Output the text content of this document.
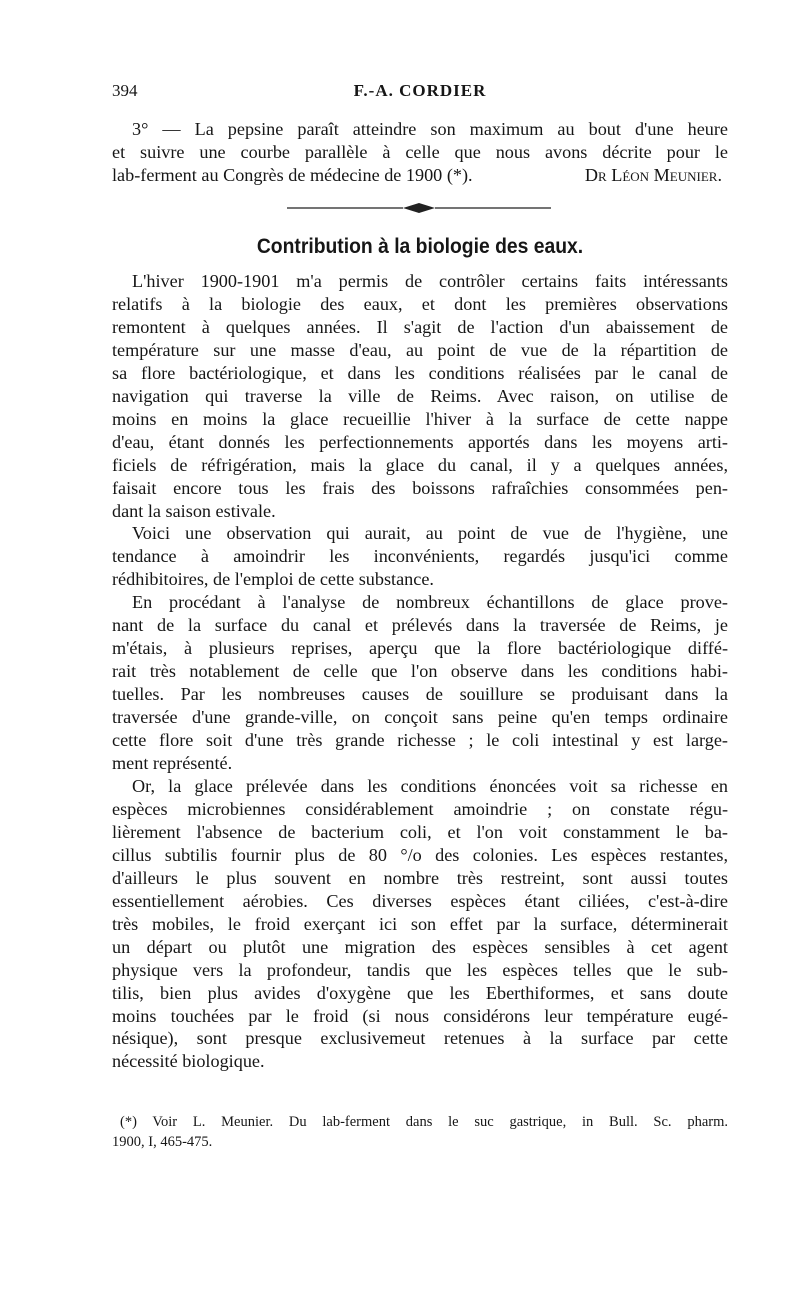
394	F.-A. CORDIER
3° — La pepsine paraît atteindre son maximum au bout d'une heure
et suivre une courbe parallèle à celle que nous avons décrite pour le
lab-ferment au Congrès de médecine de 1900 (*).	Dr Léon Meunier.
Contribution à la biologie des eaux.
L'hiver 1900-1901 m'a permis de contrôler certains faits intéressants
relatifs à la biologie des eaux, et dont les premières observations
remontent à quelques années. Il s'agit de l'action d'un abaissement de
température sur une masse d'eau, au point de vue de la répartition de
sa flore bactériologique, et dans les conditions réalisées par le canal de
navigation qui traverse la ville de Reims. Avec raison, on utilise de
moins en moins la glace recueillie l'hiver à la surface de cette nappe
d'eau, étant donnés les perfectionnements apportés dans les moyens arti-
ficiels de réfrigération, mais la glace du canal, il y a quelques années,
faisait encore tous les frais des boissons rafraîchies consommées pen-
dant la saison estivale.
Voici une observation qui aurait, au point de vue de l'hygiène, une
tendance à amoindrir les inconvénients, regardés jusqu'ici comme
rédhibitoires, de l'emploi de cette substance.
En procédant à l'analyse de nombreux échantillons de glace prove-
nant de la surface du canal et prélevés dans la traversée de Reims, je
m'étais, à plusieurs reprises, aperçu que la flore bactériologique diffé-
rait très notablement de celle que l'on observe dans les conditions habi-
tuelles. Par les nombreuses causes de souillure se produisant dans la
traversée d'une grande-ville, on conçoit sans peine qu'en temps ordinaire
cette flore soit d'une très grande richesse ; le coli intestinal y est large-
ment représenté.
Or, la glace prélevée dans les conditions énoncées voit sa richesse en
espèces microbiennes considérablement amoindrie ; on constate régu-
lièrement l'absence de bacterium coli, et l'on voit constamment le ba-
cillus subtilis fournir plus de 80 °/o des colonies. Les espèces restantes,
d'ailleurs le plus souvent en nombre très restreint, sont aussi toutes
essentiellement aérobies. Ces diverses espèces étant ciliées, c'est-à-dire
très mobiles, le froid exerçant ici son effet par la surface, déterminerait
un départ ou plutôt une migration des espèces sensibles à cet agent
physique vers la profondeur, tandis que les espèces telles que le sub-
tilis, bien plus avides d'oxygène que les Eberthiformes, et sans doute
moins touchées par le froid (si nous considérons leur température eugé-
nésique), sont presque exclusivemeut retenues à la surface par cette
nécessité biologique.
(*) Voir L. Meunier. Du lab-ferment dans le suc gastrique, in Bull. Sc. pharm.
1900, I, 465-475.
